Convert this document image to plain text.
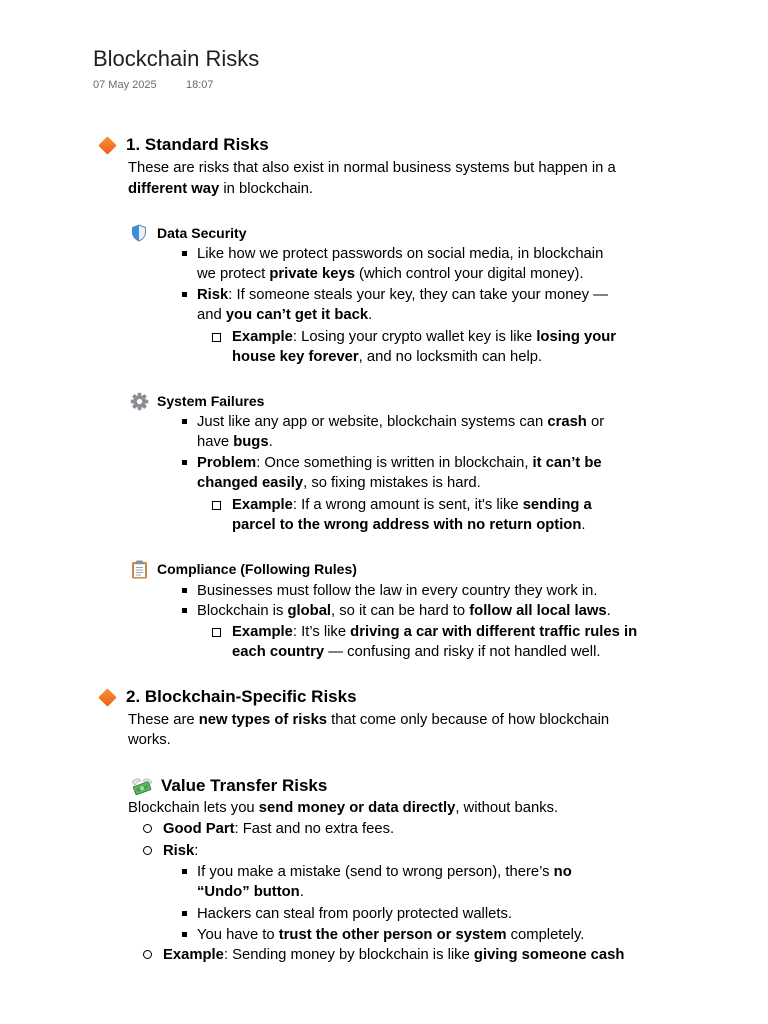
Blockchain Risks
07 May 2025	18:07
1. Standard Risks
These are risks that also exist in normal business systems but happen in a
different way in blockchain.
Data Security
Like how we protect passwords on social media, in blockchain
we protect private keys (which control your digital money).
Risk: If someone steals your key, they can take your money —
and you can’t get it back.
Example: Losing your crypto wallet key is like losing your
house key forever, and no locksmith can help.
System Failures
Just like any app or website, blockchain systems can crash or
have bugs.
Problem: Once something is written in blockchain, it can’t be
changed easily, so fixing mistakes is hard.
Example: If a wrong amount is sent, it's like sending a
parcel to the wrong address with no return option.
Compliance (Following Rules)
Businesses must follow the law in every country they work in.
Blockchain is global, so it can be hard to follow all local laws.
Example: It’s like driving a car with different traffic rules in
each country — confusing and risky if not handled well.
2. Blockchain-Specific Risks
These are new types of risks that come only because of how blockchain
works.
Value Transfer Risks
Blockchain lets you send money or data directly, without banks.
Good Part: Fast and no extra fees.
Risk:
If you make a mistake (send to wrong person), there’s no
“Undo” button.
Hackers can steal from poorly protected wallets.
You have to trust the other person or system completely.
Example: Sending money by blockchain is like giving someone cash
